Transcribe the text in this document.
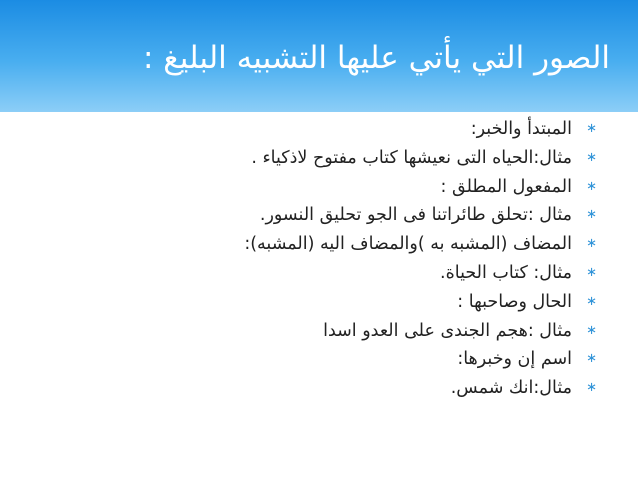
الصور التي يأتي عليها التشبيه البليغ :
∗
المبتدأ والخبر:
∗
مثال:الحياه التى نعيشها كتاب مفتوح لاذكياء .
∗
المفعول المطلق :
∗
مثال :تحلق طائراتنا فى الجو تحليق النسور.
∗
المضاف (المشبه به )والمضاف اليه (المشبه):
∗
مثال: كتاب الحياة.
∗
الحال وصاحبها :
∗
مثال :هجم الجندى على العدو اسدا
∗
اسم إن وخبرها:
∗
مثال:انك شمس.
